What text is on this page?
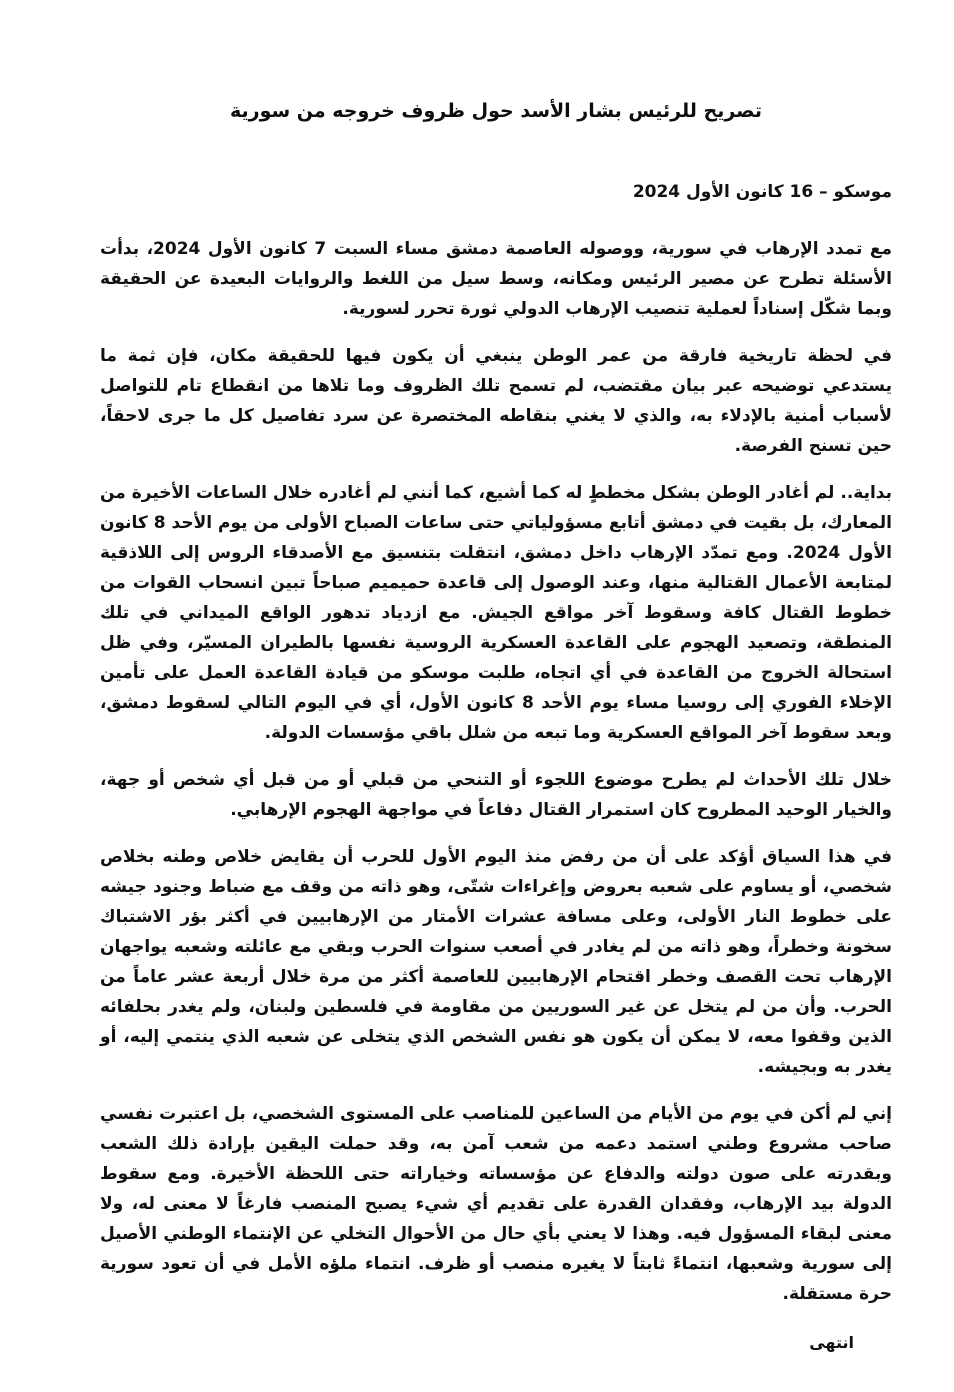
تصريح للرئيس بشار الأسد حول ظروف خروجه من سورية

موسكو – 16 كانون الأول 2024

مع تمدد الإرهاب في سورية، ووصوله العاصمة دمشق مساء السبت 7 كانون الأول 2024، بدأت الأسئلة تطرح عن مصير الرئيس ومكانه، وسط سيل من اللغط والروايات البعيدة عن الحقيقة وبما شكّل إسناداً لعملية تنصيب الإرهاب الدولي ثورة تحرر لسورية.

في لحظة تاريخية فارقة من عمر الوطن ينبغي أن يكون فيها للحقيقة مكان، فإن ثمة ما يستدعي توضيحه عبر بيان مقتضب، لم تسمح تلك الظروف وما تلاها من انقطاع تام للتواصل لأسباب أمنية بالإدلاء به، والذي لا يغني بنقاطه المختصرة عن سرد تفاصيل كل ما جرى لاحقاً، حين تسنح الفرصة.

بداية.. لم أغادر الوطن بشكل مخططٍ له كما أشيع، كما أنني لم أغادره خلال الساعات الأخيرة من المعارك، بل بقيت في دمشق أتابع مسؤولياتي حتى ساعات الصباح الأولى من يوم الأحد 8 كانون الأول 2024. ومع تمدّد الإرهاب داخل دمشق، انتقلت بتنسيق مع الأصدقاء الروس إلى اللاذقية لمتابعة الأعمال القتالية منها، وعند الوصول إلى قاعدة حميميم صباحاً تبين انسحاب القوات من خطوط القتال كافة وسقوط آخر مواقع الجيش. مع ازدياد تدهور الواقع الميداني في تلك المنطقة، وتصعيد الهجوم على القاعدة العسكرية الروسية نفسها بالطيران المسيّر، وفي ظل استحالة الخروج من القاعدة في أي اتجاه، طلبت موسكو من قيادة القاعدة العمل على تأمين الإخلاء الفوري إلى روسيا مساء يوم الأحد 8 كانون الأول، أي في اليوم التالي لسقوط دمشق، وبعد سقوط آخر المواقع العسكرية وما تبعه من شلل باقي مؤسسات الدولة.

خلال تلك الأحداث لم يطرح موضوع اللجوء أو التنحي من قبلي أو من قبل أي شخص أو جهة، والخيار الوحيد المطروح كان استمرار القتال دفاعاً في مواجهة الهجوم الإرهابي.

في هذا السياق أؤكد على أن من رفض منذ اليوم الأول للحرب أن يقايض خلاص وطنه بخلاص شخصي، أو يساوم على شعبه بعروض وإغراءات شتّى، وهو ذاته من وقف مع ضباط وجنود جيشه على خطوط النار الأولى، وعلى مسافة عشرات الأمتار من الإرهابيين في أكثر بؤر الاشتباك سخونة وخطراً، وهو ذاته من لم يغادر في أصعب سنوات الحرب وبقي مع عائلته وشعبه يواجهان الإرهاب تحت القصف وخطر اقتحام الإرهابيين للعاصمة أكثر من مرة خلال أربعة عشر عاماً من الحرب. وأن من لم يتخل عن غير السوريين من مقاومة في فلسطين ولبنان، ولم يغدر بحلفائه الذين وقفوا معه، لا يمكن أن يكون هو نفس الشخص الذي يتخلى عن شعبه الذي ينتمي إليه، أو يغدر به وبجيشه.

إني لم أكن في يوم من الأيام من الساعين للمناصب على المستوى الشخصي، بل اعتبرت نفسي صاحب مشروع وطني استمد دعمه من شعب آمن به، وقد حملت اليقين بإرادة ذلك الشعب وبقدرته على صون دولته والدفاع عن مؤسساته وخياراته حتى اللحظة الأخيرة. ومع سقوط الدولة بيد الإرهاب، وفقدان القدرة على تقديم أي شيء يصبح المنصب فارغاً لا معنى له، ولا معنى لبقاء المسؤول فيه. وهذا لا يعني بأي حال من الأحوال التخلي عن الإنتماء الوطني الأصيل إلى سورية وشعبها، انتماءً ثابتاً لا يغيره منصب أو ظرف. انتماء ملؤه الأمل في أن تعود سورية حرة مستقلة.

انتهى
